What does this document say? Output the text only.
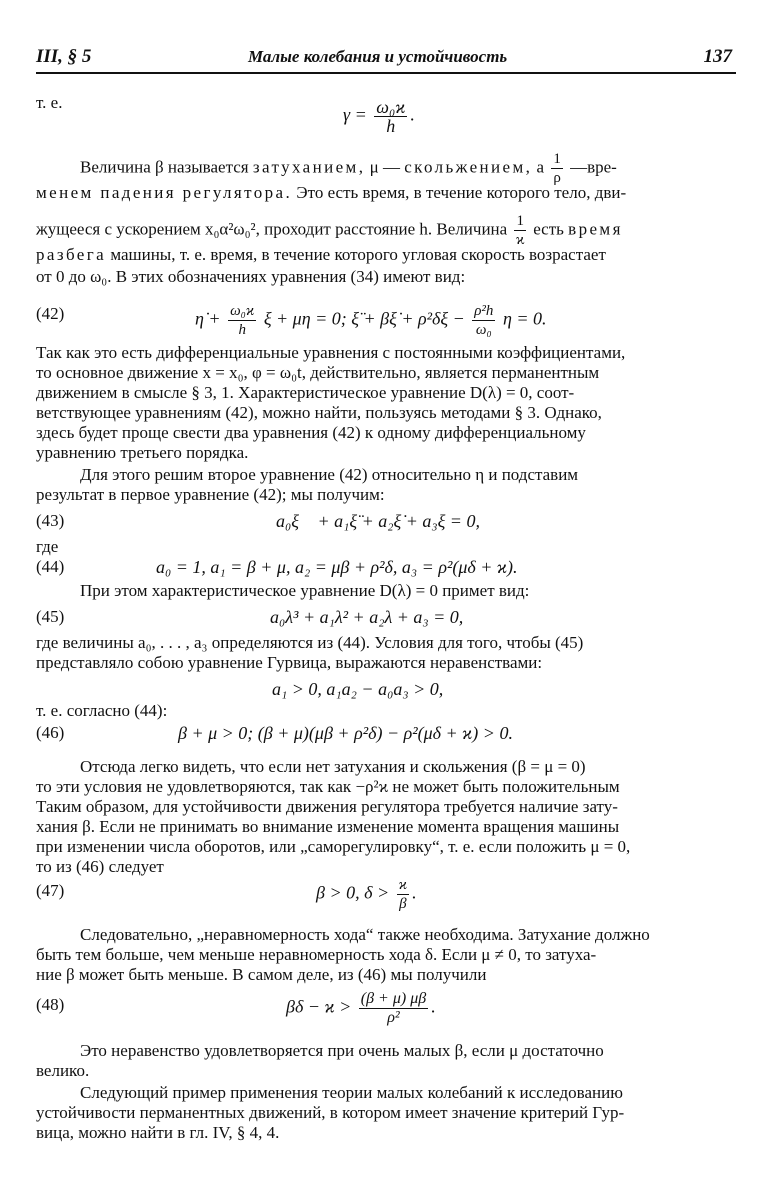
III, § 5	Малые колебания и устойчивость	137
т. е.
$\gamma = \frac{\text{ω₀ϰ}}{h}$ .
Величина β называется затуханием, μ — скольжением, а $\frac{1}{\rho}$ —вре-
менем падения регулятора. Это есть время, в течение которого тело, дви-
жущееся с ускорением x₀α²ω₀², проходит расстояние h. Величина $\frac{1}{ϰ}$ есть время
разбега машины, т. е. время, в течение которого угловая скорость возрастает
от 0 до ω₀. В этих обозначениях уравнения (34) имеют вид:
(42)	η̇ + $\frac{\text{ω₀ϰ}}{h}$ ξ + μη = 0; ξ̈ + βξ̇ + $\rho^2\delta\xi - \frac{\text{ρ²h}}{\text{ω₀}}$ η = 0.
Так как это есть дифференциальные уравнения с постоянными коэффициентами,
то основное движение x = x₀, φ = ω₀t, действительно, является перманентным
движением в смысле § 3, 1. Характеристическое уравнение D(λ) = 0, соот-
ветствующее уравнениям (42), можно найти, пользуясь методами § 3. Однако,
здесь будет проще свести два уравнения (42) к одному дифференциальному
уравнению третьего порядка.
Для этого решим второе уравнение (42) относительно η и подставим
результат в первое уравнение (42); мы получим:
(43)	a₀ξ⃛ + a₁ξ̈ + a₂ξ̇ + a₃ξ = 0,
где
(44)	a₀ = 1, a₁ = β + μ, a₂ = μβ + ρ²δ, a₃ = ρ²(μδ + ϰ).
При этом характеристическое уравнение D(λ) = 0 примет вид:
(45)	a₀λ³ + a₁λ² + a₂λ + a₃ = 0,
где величины a₀, . . . , a₃ определяются из (44). Условия для того, чтобы (45)
представляло собою уравнение Гурвица, выражаются неравенствами:
a₁ > 0, a₁a₂ − a₀a₃ > 0,
т. е. согласно (44):
(46)	β + μ > 0; (β + μ)(μβ + ρ²δ) − ρ²(μδ + ϰ) > 0.
Отсюда легко видеть, что если нет затухания и скольжения (β = μ = 0)
то эти условия не удовлетворяются, так как −ρ²ϰ не может быть положительным
Таким образом, для устойчивости движения регулятора требуется наличие зату-
хания β. Если не принимать во внимание изменение момента вращения машины
при изменении числа оборотов, или „саморегулировку“, т. е. если положить μ = 0,
то из (46) следует
(47)	β > 0, $\delta > \frac{ϰ}{\beta}$ .
Следовательно, „неравномерность хода“ также необходима. Затухание должно
быть тем больше, чем меньше неравномерность хода δ. Если μ ≠ 0, то затуха-
ние β может быть меньше. В самом деле, из (46) мы получили
(48)	$\beta\delta - ϰ > \frac{(\beta + \mu) \mu\beta}{\text{ρ²}}$ .
Это неравенство удовлетворяется при очень малых β, если μ достаточно
велико.
Следующий пример применения теории малых колебаний к исследованию
устойчивости перманентных движений, в котором имеет значение критерий Гур-
вица, можно найти в гл. IV, § 4, 4.
